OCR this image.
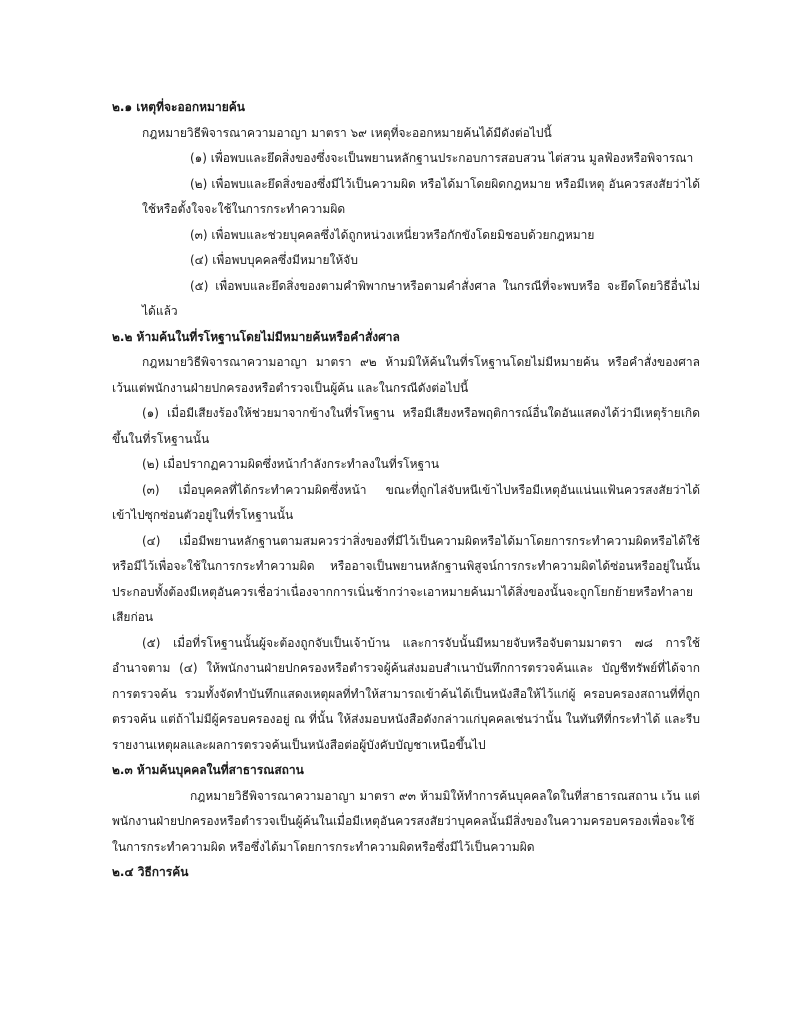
๒.๑ เหตุที่จะออกหมายค้น

กฎหมายวิธีพิจารณาความอาญา มาตรา ๖๙ เหตุที่จะออกหมายค้นได้มีดังต่อไปนี้

(๑) เพื่อพบและยึดสิ่งของซึ่งจะเป็นพยานหลักฐานประกอบการสอบสวน ไต่สวน มูลฟ้องหรือพิจารณา

(๒) เพื่อพบและยึดสิ่งของซึ่งมีไว้เป็นความผิด หรือได้มาโดยผิดกฎหมาย หรือมีเหตุ อันควรสงสัยว่าได้ใช้หรือตั้งใจจะใช้ในการกระทำความผิด

(๓) เพื่อพบและช่วยบุคคลซึ่งได้ถูกหน่วงเหนี่ยวหรือกักขังโดยมิชอบด้วยกฎหมาย

(๔) เพื่อพบบุคคลซึ่งมีหมายให้จับ

(๕) เพื่อพบและยึดสิ่งของตามคำพิพากษาหรือตามคำสั่งศาล ในกรณีที่จะพบหรือ จะยึดโดยวิธีอื่นไม่ได้แล้ว

๒.๒ ห้ามค้นในที่รโหฐานโดยไม่มีหมายค้นหรือคำสั่งศาล

กฎหมายวิธีพิจารณาความอาญา มาตรา ๙๒ ห้ามมิให้ค้นในที่รโหฐานโดยไม่มีหมายค้น หรือคำสั่งของศาล เว้นแต่พนักงานฝ่ายปกครองหรือตำรวจเป็นผู้ค้น และในกรณีดังต่อไปนี้

(๑) เมื่อมีเสียงร้องให้ช่วยมาจากข้างในที่รโหฐาน หรือมีเสียงหรือพฤติการณ์อื่นใดอันแสดงได้ว่ามีเหตุร้ายเกิดขึ้นในที่รโหฐานนั้น

(๒) เมื่อปรากฏความผิดซึ่งหน้ากำลังกระทำลงในที่รโหฐาน

(๓) เมื่อบุคคลที่ได้กระทำความผิดซึ่งหน้า ขณะที่ถูกไล่จับหนีเข้าไปหรือมีเหตุอันแน่นแฟ้นควรสงสัยว่าได้เข้าไปซุกซ่อนตัวอยู่ในที่รโหฐานนั้น

(๔) เมื่อมีพยานหลักฐานตามสมควรว่าสิ่งของที่มีไว้เป็นความผิดหรือได้มาโดยการกระทำความผิดหรือได้ใช้หรือมีไว้เพื่อจะใช้ในการกระทำความผิด หรืออาจเป็นพยานหลักฐานพิสูจน์การกระทำความผิดได้ซ่อนหรืออยู่ในนั้น ประกอบทั้งต้องมีเหตุอันควรเชื่อว่าเนื่องจากการเนิ่นช้ากว่าจะเอาหมายค้นมาได้สิ่งของนั้นจะถูกโยกย้ายหรือทำลาย เสียก่อน

(๕) เมื่อที่รโหฐานนั้นผู้จะต้องถูกจับเป็นเจ้าบ้าน และการจับนั้นมีหมายจับหรือจับตามมาตรา ๗๘ การใช้อำนาจตาม (๔) ให้พนักงานฝ่ายปกครองหรือตำรวจผู้ค้นส่งมอบสำเนาบันทึกการตรวจค้นและ บัญชีทรัพย์ที่ได้จากการตรวจค้น รวมทั้งจัดทำบันทึกแสดงเหตุผลที่ทำให้สามารถเข้าค้นได้เป็นหนังสือให้ไว้แก่ผู้ ครอบครองสถานที่ที่ถูกตรวจค้น แต่ถ้าไม่มีผู้ครอบครองอยู่ ณ ที่นั้น ให้ส่งมอบหนังสือดังกล่าวแก่บุคคลเช่นว่านั้น ในทันทีที่กระทำได้ และรีบรายงานเหตุผลและผลการตรวจค้นเป็นหนังสือต่อผู้บังคับบัญชาเหนือขึ้นไป

๒.๓ ห้ามค้นบุคคลในที่สาธารณสถาน

กฎหมายวิธีพิจารณาความอาญา มาตรา ๙๓ ห้ามมิให้ทำการค้นบุคคลใดในที่สาธารณสถาน เว้น แต่พนักงานฝ่ายปกครองหรือตำรวจเป็นผู้ค้นในเมื่อมีเหตุอันควรสงสัยว่าบุคคลนั้นมีสิ่งของในความครอบครองเพื่อจะใช้ในการกระทำความผิด หรือซึ่งได้มาโดยการกระทำความผิดหรือซึ่งมีไว้เป็นความผิด

๒.๔ วิธีการค้น
